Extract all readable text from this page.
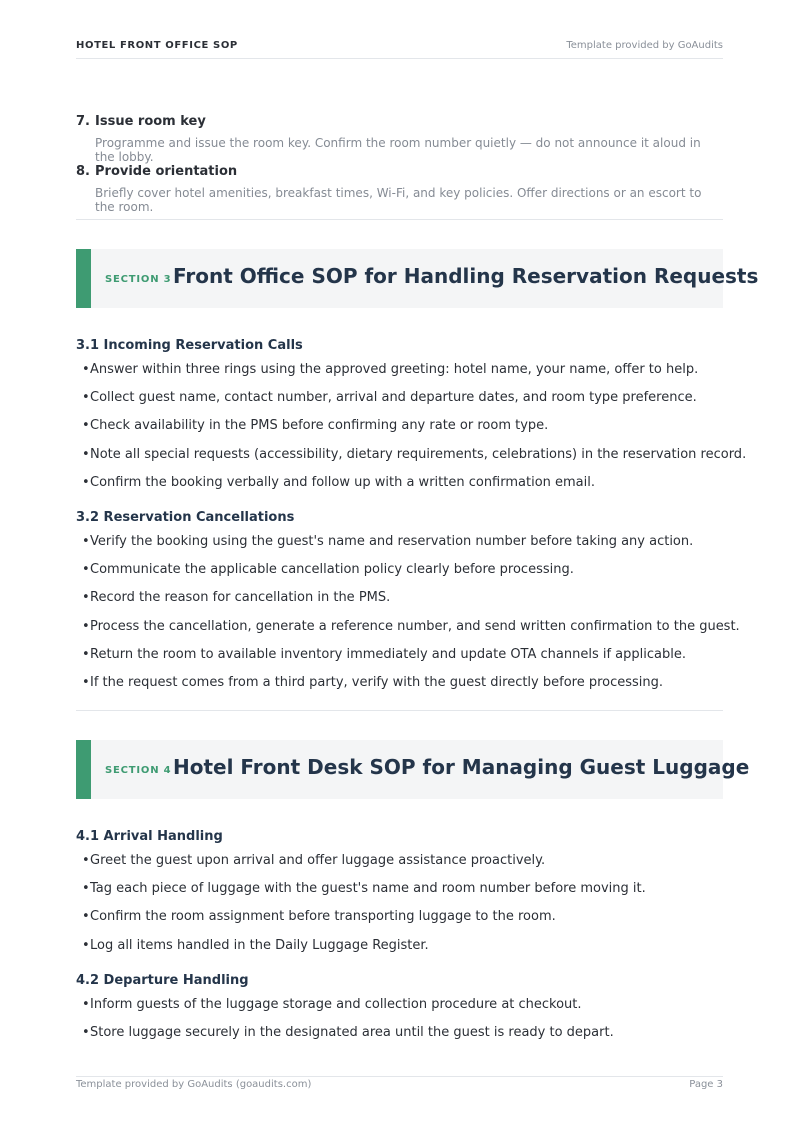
HOTEL FRONT OFFICE SOP	Template provided by GoAudits
7. Issue room key
Programme and issue the room key. Confirm the room number quietly — do not announce it aloud in the lobby.
8. Provide orientation
Briefly cover hotel amenities, breakfast times, Wi-Fi, and key policies. Offer directions or an escort to the room.
SECTION 3 Front Office SOP for Handling Reservation Requests
3.1 Incoming Reservation Calls
•Answer within three rings using the approved greeting: hotel name, your name, offer to help.
•Collect guest name, contact number, arrival and departure dates, and room type preference.
•Check availability in the PMS before confirming any rate or room type.
•Note all special requests (accessibility, dietary requirements, celebrations) in the reservation record.
•Confirm the booking verbally and follow up with a written confirmation email.
3.2 Reservation Cancellations
•Verify the booking using the guest's name and reservation number before taking any action.
•Communicate the applicable cancellation policy clearly before processing.
•Record the reason for cancellation in the PMS.
•Process the cancellation, generate a reference number, and send written confirmation to the guest.
•Return the room to available inventory immediately and update OTA channels if applicable.
•If the request comes from a third party, verify with the guest directly before processing.
SECTION 4 Hotel Front Desk SOP for Managing Guest Luggage
4.1 Arrival Handling
•Greet the guest upon arrival and offer luggage assistance proactively.
•Tag each piece of luggage with the guest's name and room number before moving it.
•Confirm the room assignment before transporting luggage to the room.
•Log all items handled in the Daily Luggage Register.
4.2 Departure Handling
•Inform guests of the luggage storage and collection procedure at checkout.
•Store luggage securely in the designated area until the guest is ready to depart.
Template provided by GoAudits (goaudits.com)	Page 3
